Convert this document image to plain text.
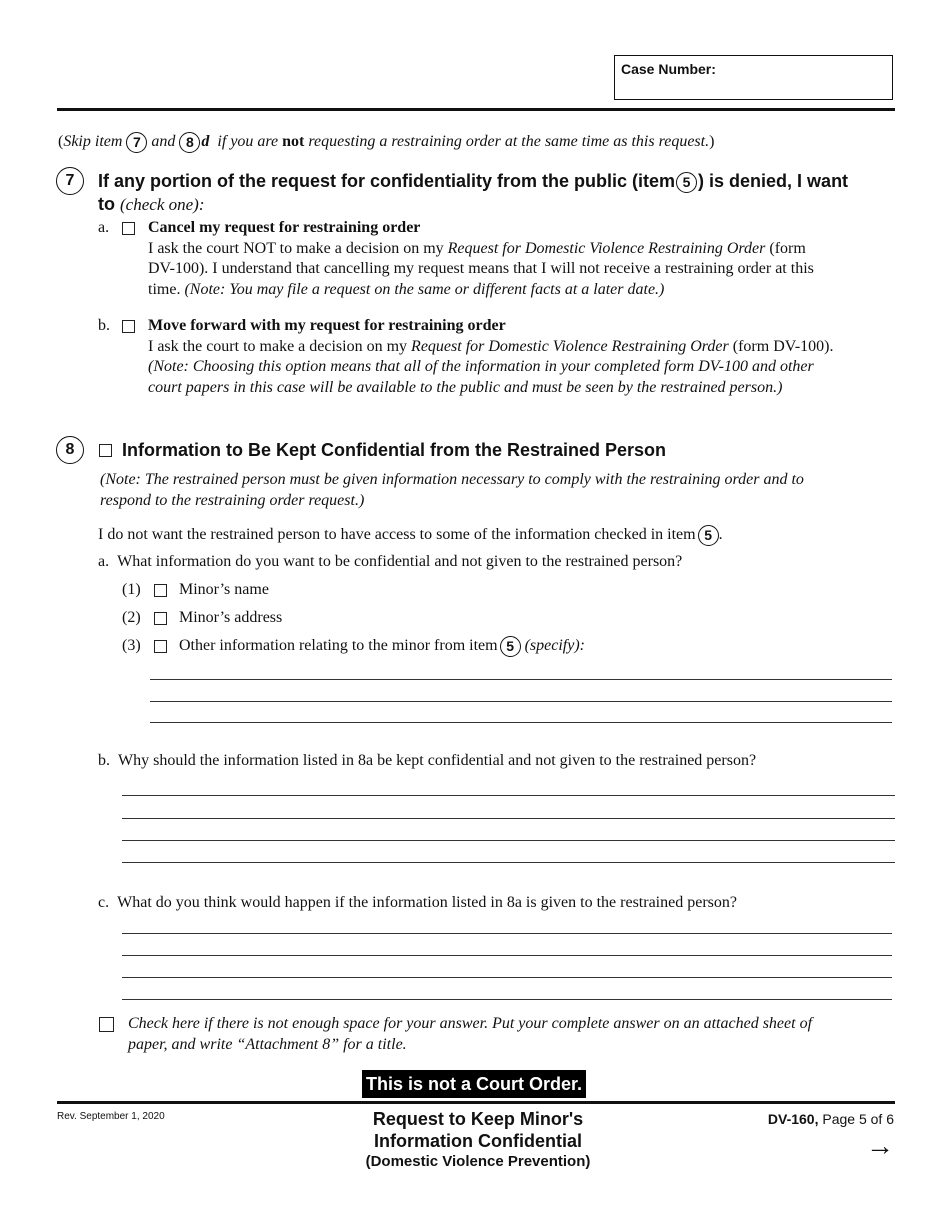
Case Number:
(Skip item 7 and 8 d if you are not requesting a restraining order at the same time as this request.)
7	If any portion of the request for confidentiality from the public (item 5 ) is denied, I want
to (check one):
a. Cancel my request for restraining order
I ask the court NOT to make a decision on my Request for Domestic Violence Restraining Order (form
DV-100). I understand that cancelling my request means that I will not receive a restraining order at this
time. (Note: You may file a request on the same or different facts at a later date.)
b. Move forward with my request for restraining order
I ask the court to make a decision on my Request for Domestic Violence Restraining Order (form DV-100).
(Note: Choosing this option means that all of the information in your completed form DV-100 and other
court papers in this case will be available to the public and must be seen by the restrained person.)
8	Information to Be Kept Confidential from the Restrained Person
(Note: The restrained person must be given information necessary to comply with the restraining order and to
respond to the restraining order request.)
I do not want the restrained person to have access to some of the information checked in item 5 .
a. What information do you want to be confidential and not given to the restrained person?
(1) Minor’s name
(2) Minor’s address
(3) Other information relating to the minor from item 5 (specify):
b. Why should the information listed in 8a be kept confidential and not given to the restrained person?
c. What do you think would happen if the information listed in 8a is given to the restrained person?
Check here if there is not enough space for your answer. Put your complete answer on an attached sheet of
paper, and write “Attachment 8” for a title.
This is not a Court Order.
Rev. September 1, 2020	Request to Keep Minor's
Information Confidential
(Domestic Violence Prevention)
DV-160, Page 5 of 6
→
